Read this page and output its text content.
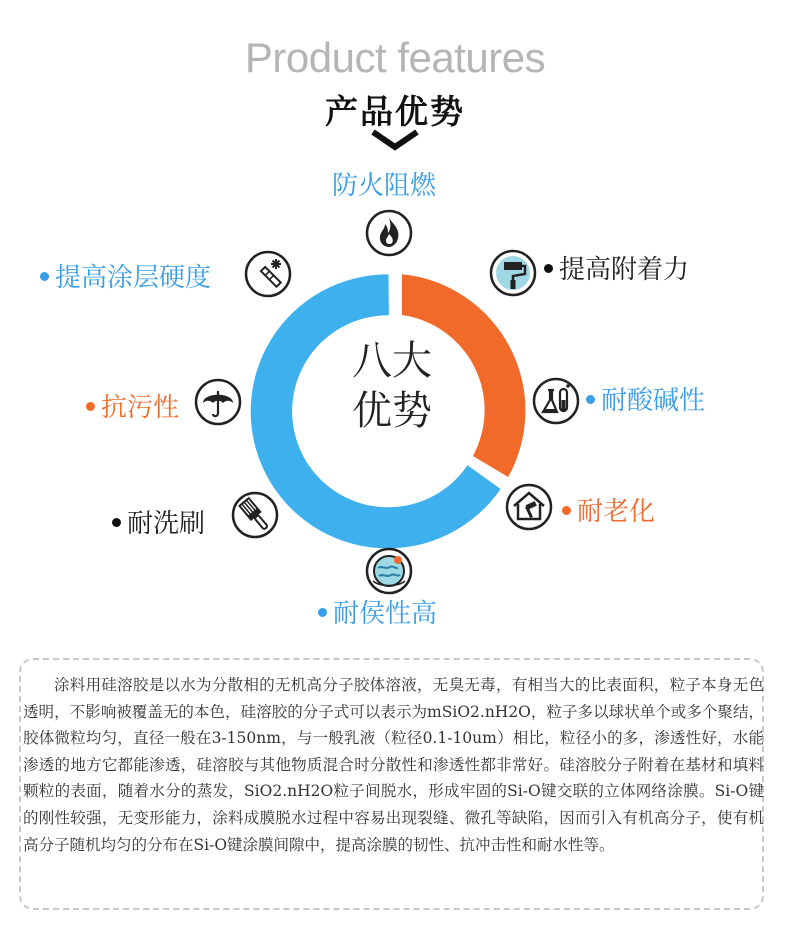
Product features
产品优势
八大
优势
防火阻燃
提高附着力
耐酸碱性
耐老化
耐侯性高
耐洗刷
抗污性
提高涂层硬度

涂料用硅溶胶是以水为分散相的无机高分子胶体溶液，无臭无毒，有相当大的比表面积，粒子本身无色透明，不影响被覆盖无的本色，硅溶胶的分子式可以表示为mSiO2.nH2O，粒子多以球状单个或多个聚结，胶体微粒均匀，直径一般在3-150nm，与一般乳液（粒径0.1-10um）相比，粒径小的多，渗透性好，水能渗透的地方它都能渗透，硅溶胶与其他物质混合时分散性和渗透性都非常好。硅溶胶分子附着在基材和填料颗粒的表面，随着水分的蒸发，SiO2.nH2O粒子间脱水，形成牢固的Si-O键交联的立体网络涂膜。Si-O键的刚性较强，无变形能力，涂料成膜脱水过程中容易出现裂缝、微孔等缺陷，因而引入有机高分子，使有机高分子随机均匀的分布在Si-O键涂膜间隙中，提高涂膜的韧性、抗冲击性和耐水性等。
